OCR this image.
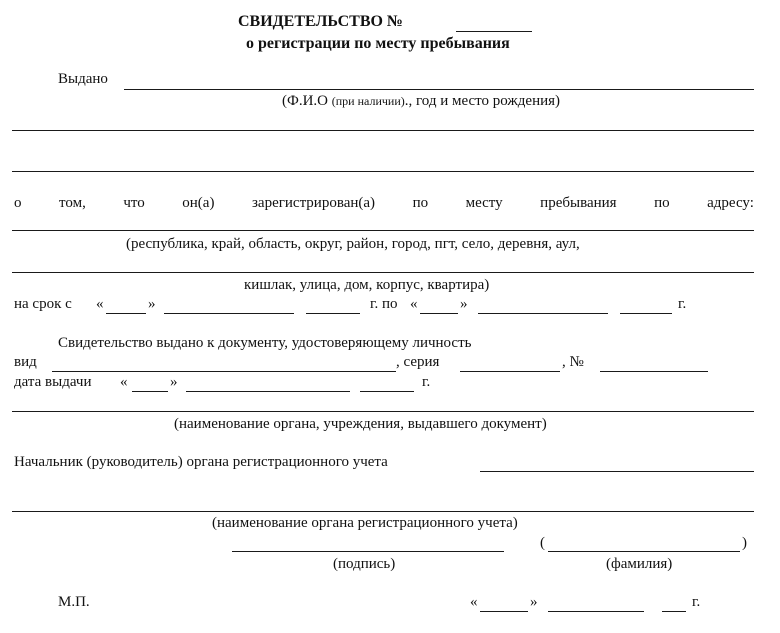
СВИДЕТЕЛЬСТВО №
о регистрации по месту пребывания
Выдано
(Ф.И.О (при наличии)., год и место рождения)
о	том,	что	он(а)	зарегистрирован(а)	по	месту	пребывания	по	адресу:
(республика, край, область, округ, район, город, пгт, село, деревня, аул,
кишлак, улица, дом, корпус, квартира)
на срок с «	»	г. по «	»	г.
Свидетельство выдано к документу, удостоверяющему личность
вид	, серия	, №
дата выдачи «	»	г.
(наименование органа, учреждения, выдавшего документ)
Начальник (руководитель) органа регистрационного учета
(наименование органа регистрационного учета)
(	)
(подпись)	(фамилия)
М.П.	«	»	г.
